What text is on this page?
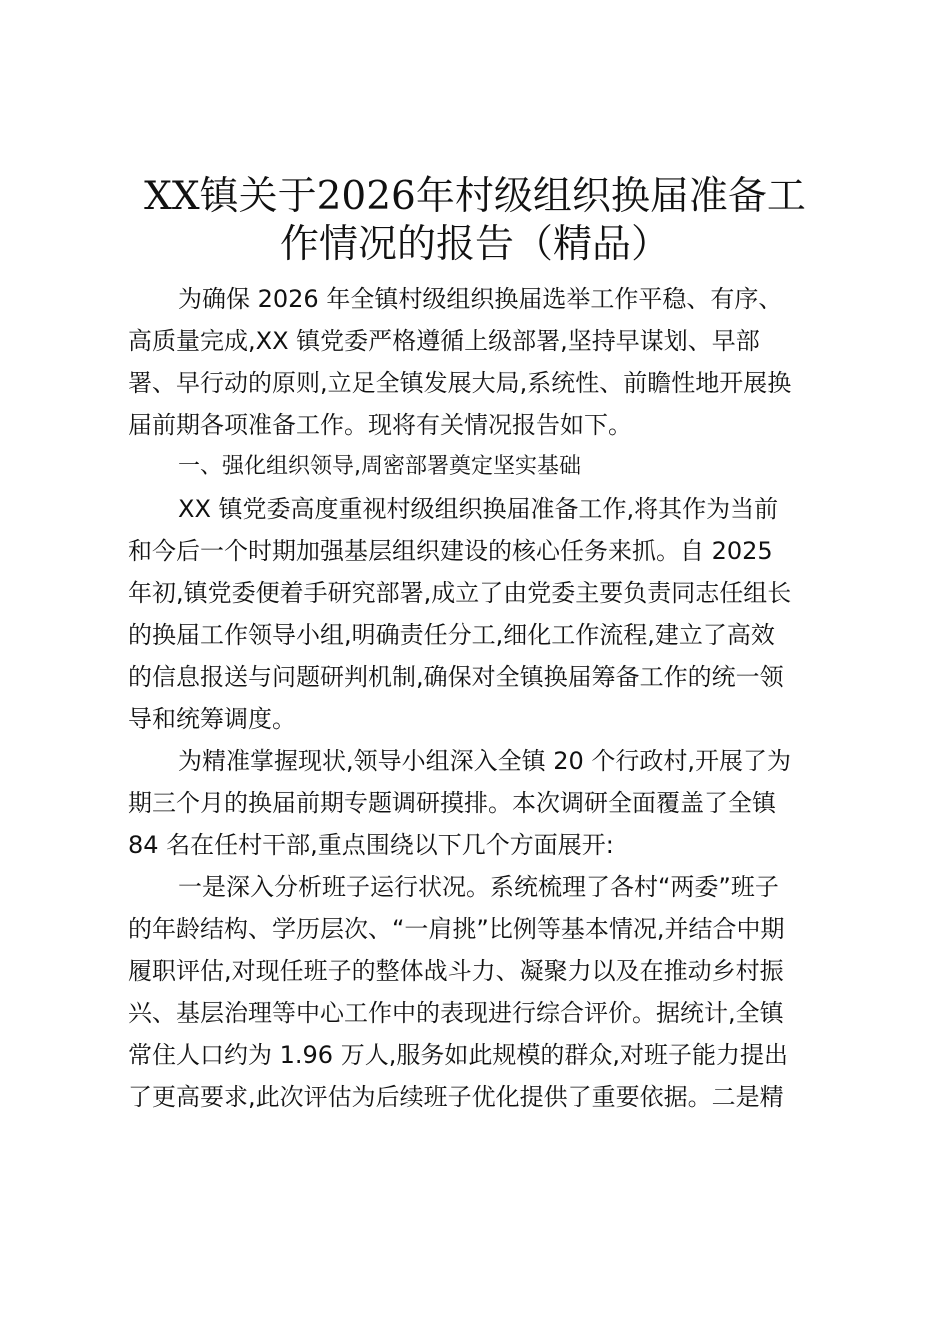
XX镇关于2026年村级组织换届准备工
作情况的报告（精品）

为确保 2026 年全镇村级组织换届选举工作平稳、有序、
高质量完成,XX 镇党委严格遵循上级部署,坚持早谋划、早部
署、早行动的原则,立足全镇发展大局,系统性、前瞻性地开展换
届前期各项准备工作。现将有关情况报告如下。

一、强化组织领导,周密部署奠定坚实基础

XX 镇党委高度重视村级组织换届准备工作,将其作为当前
和今后一个时期加强基层组织建设的核心任务来抓。自 2025
年初,镇党委便着手研究部署,成立了由党委主要负责同志任组长
的换届工作领导小组,明确责任分工,细化工作流程,建立了高效
的信息报送与问题研判机制,确保对全镇换届筹备工作的统一领
导和统筹调度。

为精准掌握现状,领导小组深入全镇 20 个行政村,开展了为
期三个月的换届前期专题调研摸排。本次调研全面覆盖了全镇
84 名在任村干部,重点围绕以下几个方面展开:

一是深入分析班子运行状况。系统梳理了各村“两委”班子
的年龄结构、学历层次、“一肩挑”比例等基本情况,并结合中期
履职评估,对现任班子的整体战斗力、凝聚力以及在推动乡村振
兴、基层治理等中心工作中的表现进行综合评价。据统计,全镇
常住人口约为 1.96 万人,服务如此规模的群众,对班子能力提出
了更高要求,此次评估为后续班子优化提供了重要依据。二是精
